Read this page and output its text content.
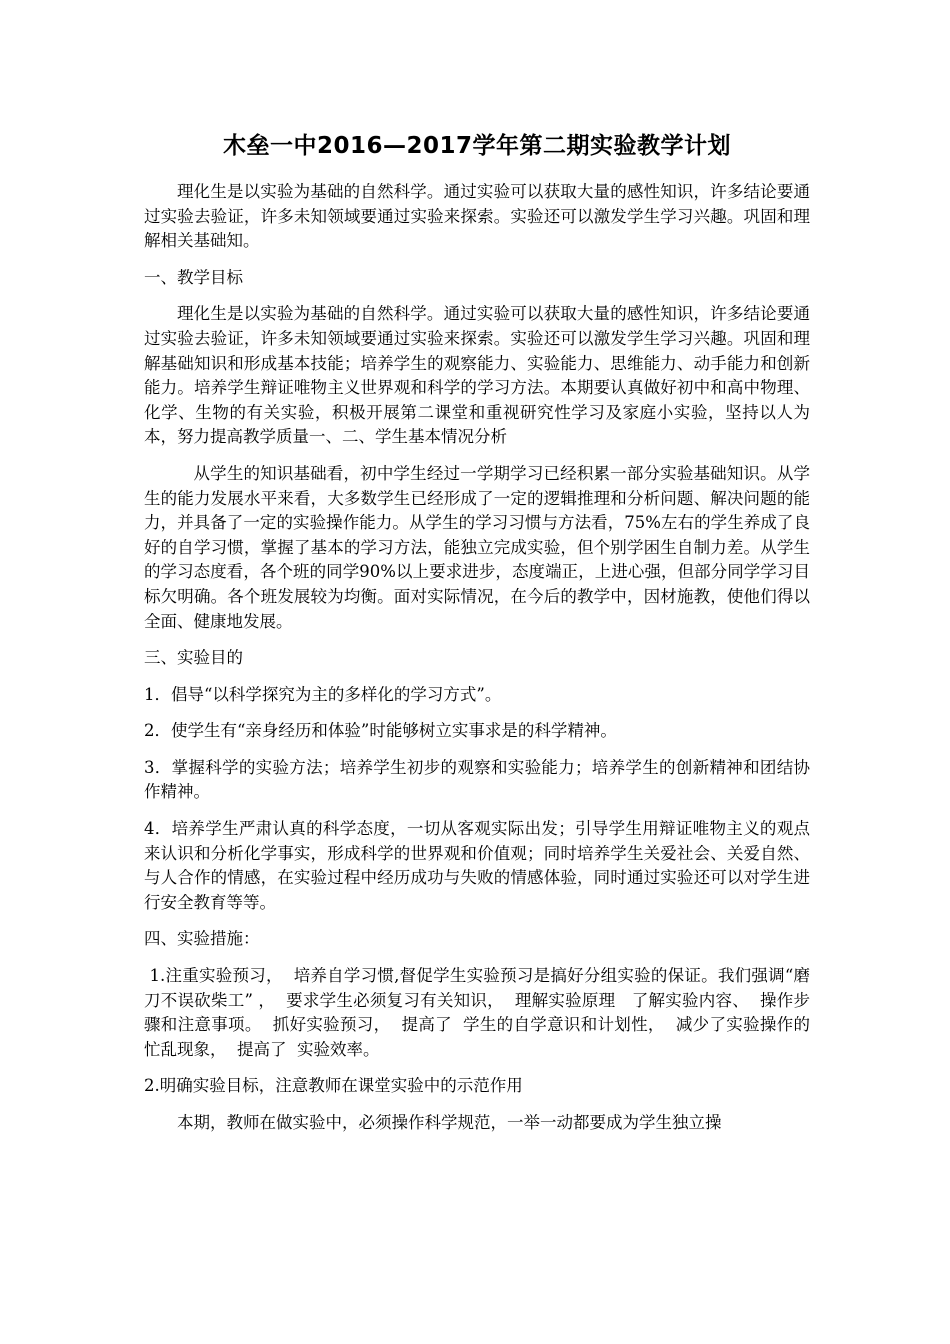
木垒一中2016—2017学年第二期实验教学计划

理化生是以实验为基础的自然科学。通过实验可以获取大量的感性知识，许多结论要通过实验去验证，许多未知领域要通过实验来探索。实验还可以激发学生学习兴趣。巩固和理解相关基础知。

一、教学目标

理化生是以实验为基础的自然科学。通过实验可以获取大量的感性知识，许多结论要通过实验去验证，许多未知领域要通过实验来探索。实验还可以激发学生学习兴趣。巩固和理解基础知识和形成基本技能；培养学生的观察能力、实验能力、思维能力、动手能力和创新能力。培养学生辩证唯物主义世界观和科学的学习方法。本期要认真做好初中和高中物理、化学、生物的有关实验，积极开展第二课堂和重视研究性学习及家庭小实验，坚持以人为本，努力提高教学质量一、二、学生基本情况分析

从学生的知识基础看，初中学生经过一学期学习已经积累一部分实验基础知识。从学生的能力发展水平来看，大多数学生已经形成了一定的逻辑推理和分析问题、解决问题的能力，并具备了一定的实验操作能力。从学生的学习习惯与方法看，75%左右的学生养成了良好的自学习惯，掌握了基本的学习方法，能独立完成实验，但个别学困生自制力差。从学生的学习态度看，各个班的同学90%以上要求进步，态度端正，上进心强，但部分同学学习目标欠明确。各个班发展较为均衡。面对实际情况，在今后的教学中，因材施教，使他们得以全面、健康地发展。

三、实验目的

1．倡导“以科学探究为主的多样化的学习方式”。

2．使学生有“亲身经历和体验”时能够树立实事求是的科学精神。

3．掌握科学的实验方法；培养学生初步的观察和实验能力；培养学生的创新精神和团结协作精神。

4．培养学生严肃认真的科学态度，一切从客观实际出发；引导学生用辩证唯物主义的观点来认识和分析化学事实，形成科学的世界观和价值观；同时培养学生关爱社会、关爱自然、与人合作的情感，在实验过程中经历成功与失败的情感体验，同时通过实验还可以对学生进行安全教育等等。

四、实验措施：

1.注重实验预习，  培养自学习惯,督促学生实验预习是搞好分组实验的保证。我们强调“磨刀不误砍柴工” ，  要求学生必须复习有关知识，  理解实验原理   了解实验内容、  操作步骤和注意事项。  抓好实验预习，  提高了  学生的自学意识和计划性，  减少了实验操作的忙乱现象，  提高了  实验效率。

2.明确实验目标，注意教师在课堂实验中的示范作用

本期，教师在做实验中，必须操作科学规范，一举一动都要成为学生独立操
